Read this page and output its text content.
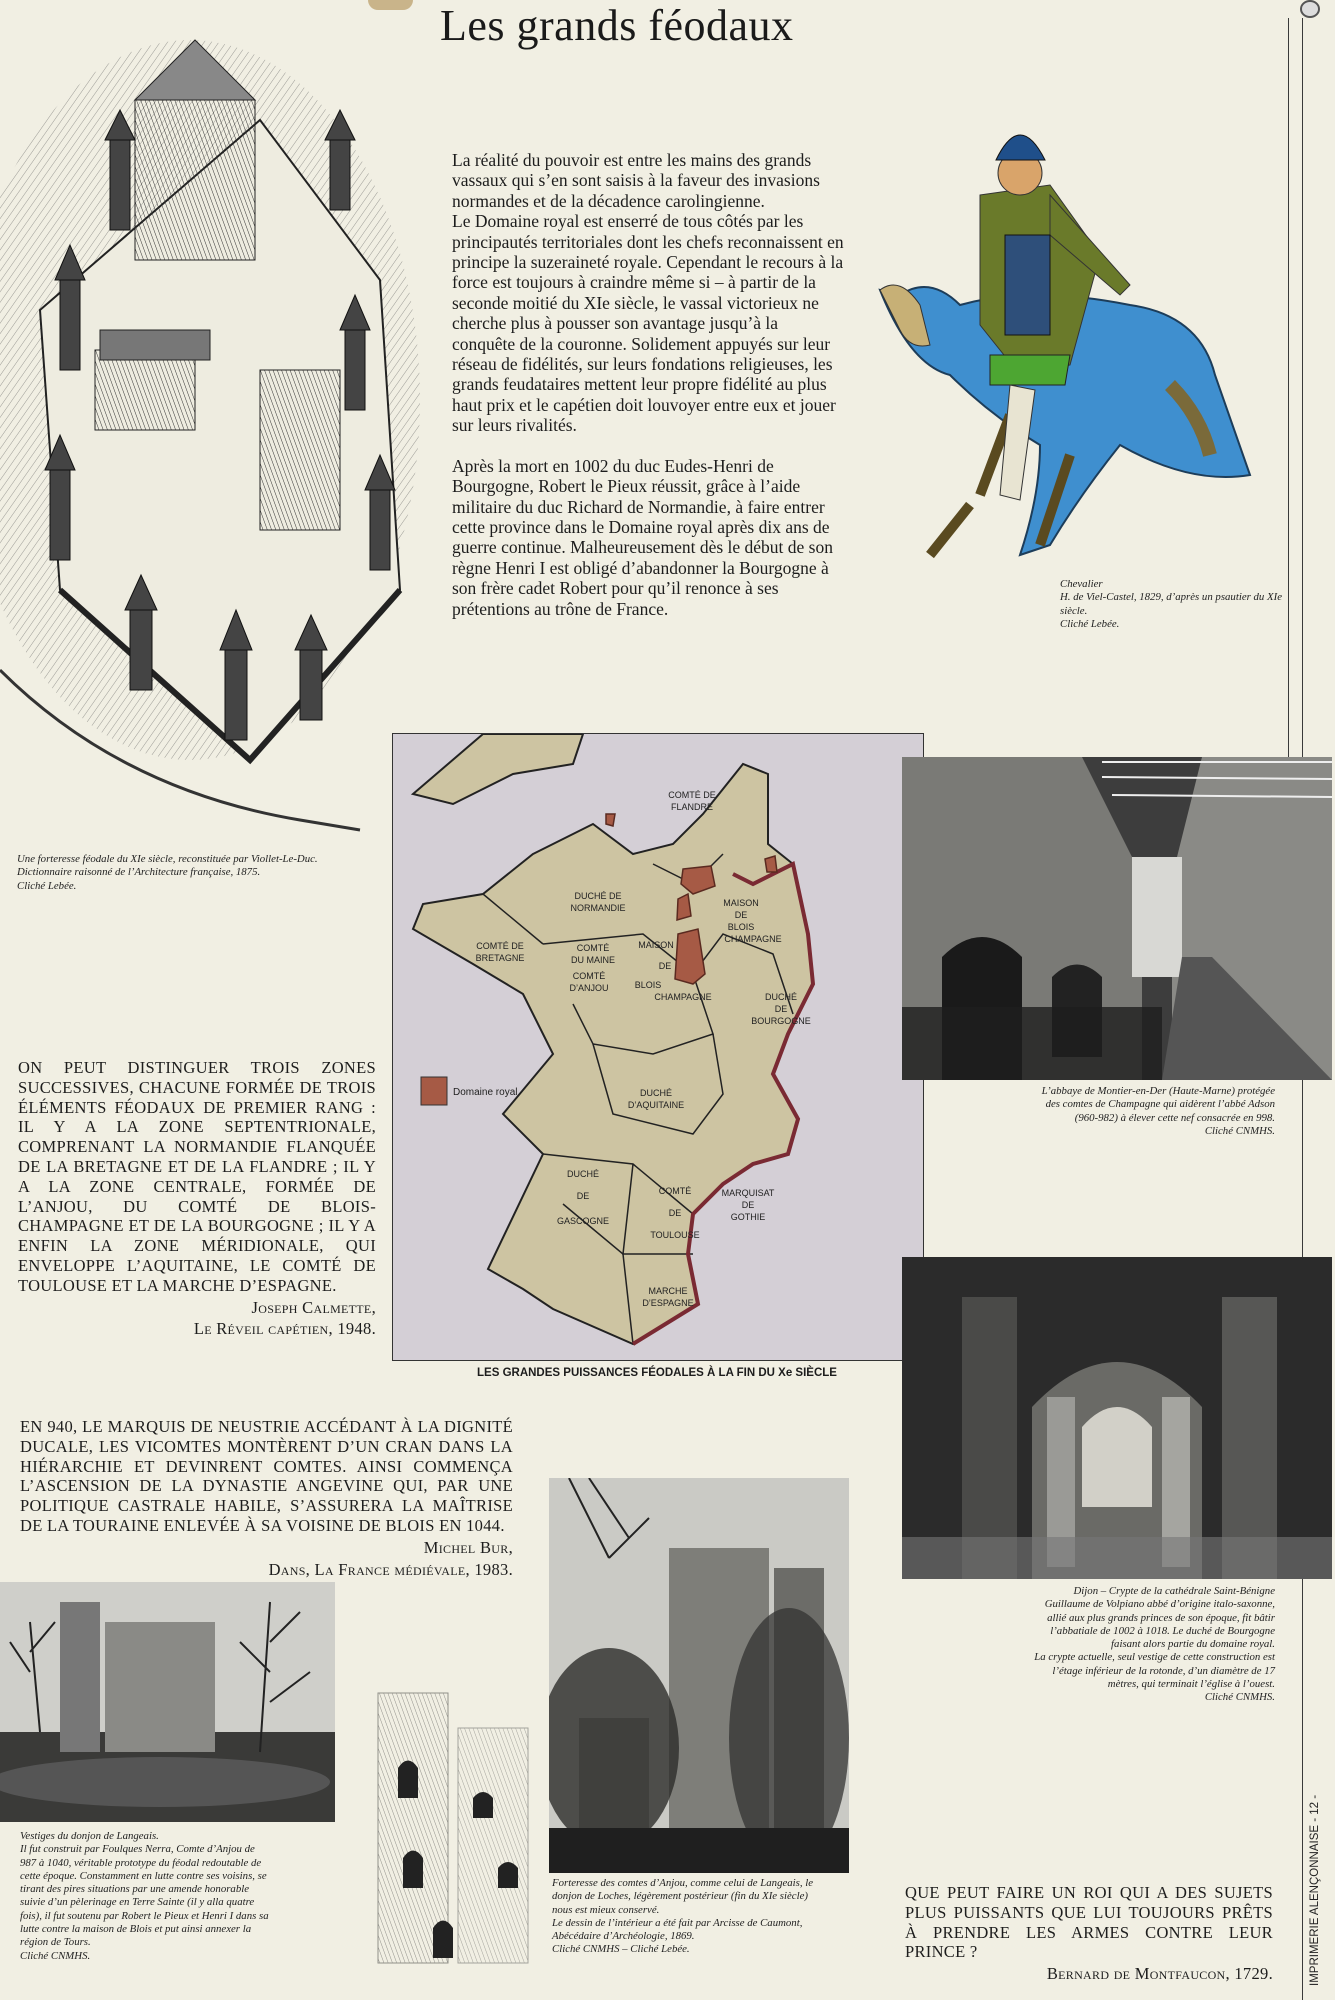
Les grands féodaux
Une forteresse féodale du XIe siècle, reconstituée par Viollet-Le-Duc.
Dictionnaire raisonné de l’Architecture française, 1875.
Cliché Lebée.

La réalité du pouvoir est entre les mains des grands vassaux qui s’en sont saisis à la faveur des invasions normandes et de la décadence carolingienne.
Le Domaine royal est enserré de tous côtés par les principautés territoriales dont les chefs reconnaissent en principe la suzeraineté royale. Cependant le recours à la force est toujours à craindre même si – à partir de la seconde moitié du XIe siècle, le vassal victorieux ne cherche plus à pousser son avantage jusqu’à la conquête de la couronne. Solidement appuyés sur leur réseau de fidélités, sur leurs fondations religieuses, les grands feudataires mettent leur propre fidélité au plus haut prix et le capétien doit louvoyer entre eux et jouer sur leurs rivalités.

Après la mort en 1002 du duc Eudes-Henri de Bourgogne, Robert le Pieux réussit, grâce à l’aide militaire du duc Richard de Normandie, à faire entrer cette province dans le Domaine royal après dix ans de guerre continue. Malheureusement dès le début de son règne Henri I est obligé d’abandonner la Bourgogne à son frère cadet Robert pour qu’il renonce à ses prétentions au trône de France.

Chevalier
H. de Viel-Castel, 1829, d’après un psautier du XIe siècle.
Cliché Lebée.
Domaine royal
COMTÉ DE
FLANDRE
DUCHÉ DE
NORMANDIE
COMTÉ DE
BRETAGNE
COMTÉ
DU MAINE
COMTÉ
D’ANJOU
MAISON
DE
BLOIS
CHAMPAGNE
MAISON
DE
BLOIS
CHAMPAGNE	DUCHÉ
DE
BOURGOGNE
DUCHÉ
D’AQUITAINE
DUCHÉ
DE
GASCOGNE
COMTÉ
DE
TOULOUSE
MARQUISAT
DE
GOTHIE
MARCHE
D’ESPAGNE
LES GRANDES PUISSANCES FÉODALES À LA FIN DU Xe SIÈCLE
L’abbaye de Montier-en-Der (Haute-Marne) protégée des comtes de Champagne qui aidèrent l’abbé Adson (960-982) à élever cette nef consacrée en 998.
Cliché CNMHS.
Dijon – Crypte de la cathédrale Saint-Bénigne Guillaume de Volpiano abbé d’origine italo-saxonne, allié aux plus grands princes de son époque, fit bâtir l’abbatiale de 1002 à 1018. Le duché de Bourgogne faisant alors partie du domaine royal.
La crypte actuelle, seul vestige de cette construction est l’étage inférieur de la rotonde, d’un diamètre de 17 mètres, qui terminait l’église à l’ouest.
Cliché CNMHS.
ON PEUT DISTINGUER TROIS ZONES SUCCESSIVES, CHACUNE FORMÉE DE TROIS ÉLÉMENTS FÉODAUX DE PREMIER RANG : IL Y A LA ZONE SEPTENTRIONALE, COMPRENANT LA NORMANDIE FLANQUÉE DE LA BRETAGNE ET DE LA FLANDRE ; IL Y A LA ZONE CENTRALE, FORMÉE DE L’ANJOU, DU COMTÉ DE BLOIS-CHAMPAGNE ET DE LA BOURGOGNE ; IL Y A ENFIN LA ZONE MÉRIDIONALE, QUI ENVELOPPE L’AQUITAINE, LE COMTÉ DE TOULOUSE ET LA MARCHE D’ESPAGNE.
Joseph Calmette,
Le Réveil capétien, 1948.
EN 940, LE MARQUIS DE NEUSTRIE ACCÉDANT À LA DIGNITÉ DUCALE, LES VICOMTES MONTÈRENT D’UN CRAN DANS LA HIÉRARCHIE ET DEVINRENT COMTES. AINSI COMMENÇA L’ASCENSION DE LA DYNASTIE ANGEVINE QUI, PAR UNE POLITIQUE CASTRALE HABILE, S’ASSURERA LA MAÎTRISE DE LA TOURAINE ENLEVÉE À SA VOISINE DE BLOIS EN 1044.
Michel Bur,
Dans, La France médiévale, 1983.
Vestiges du donjon de Langeais.
Il fut construit par Foulques Nerra, Comte d’Anjou de 987 à 1040, véritable prototype du féodal redoutable de cette époque. Constamment en lutte contre ses voisins, se tirant des pires situations par une amende honorable suivie d’un pèlerinage en Terre Sainte (il y alla quatre fois), il fut soutenu par Robert le Pieux et Henri I dans sa lutte contre la maison de Blois et put ainsi annexer la région de Tours.
Cliché CNMHS.
Forteresse des comtes d’Anjou, comme celui de Langeais, le donjon de Loches, légèrement postérieur (fin du XIe siècle) nous est mieux conservé.
Le dessin de l’intérieur a été fait par Arcisse de Caumont, Abécédaire d’Archéologie, 1869.
Cliché CNMHS – Cliché Lebée.
QUE PEUT FAIRE UN ROI QUI A DES SUJETS PLUS PUISSANTS QUE LUI TOUJOURS PRÊTS À PRENDRE LES ARMES CONTRE LEUR PRINCE ?
Bernard de Montfaucon, 1729.	IMPRIMERIE ALENÇONNAISE - 12 -
